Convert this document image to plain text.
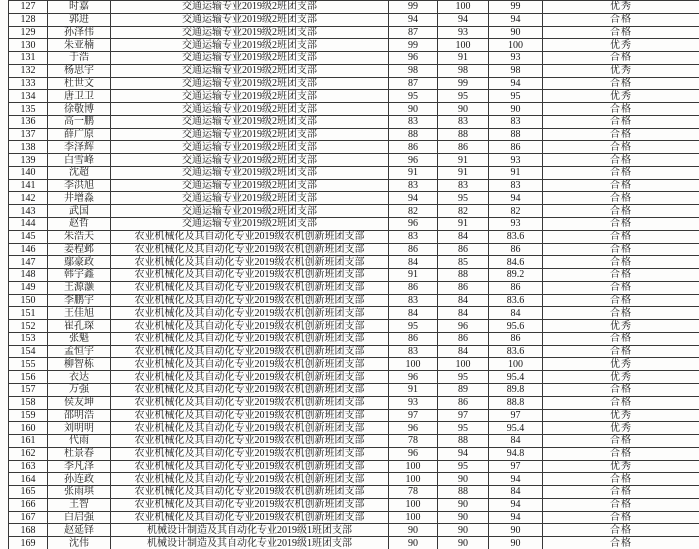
127	时嘉	交通运输专业2019级2班团支部	99	100	99	优秀
128	郭进	交通运输专业2019级2班团支部	94	94	94	合格
129	孙泽伟	交通运输专业2019级2班团支部	87	93	90	合格
130	朱亚楠	交通运输专业2019级2班团支部	99	100	100	优秀
131	于浩	交通运输专业2019级2班团支部	96	91	93	合格
132	杨思宇	交通运输专业2019级2班团支部	98	98	98	优秀
133	杜世文	交通运输专业2019级2班团支部	87	99	94	合格
134	唐卫卫	交通运输专业2019级2班团支部	95	95	95	优秀
135	徐敬博	交通运输专业2019级2班团支部	90	90	90	合格
136	高一鹏	交通运输专业2019级2班团支部	83	83	83	合格
137	薛广原	交通运输专业2019级2班团支部	88	88	88	合格
138	李泽辉	交通运输专业2019级2班团支部	86	86	86	合格
139	白雪峰	交通运输专业2019级2班团支部	96	91	93	合格
140	沈超	交通运输专业2019级2班团支部	91	91	91	合格
141	李洪旭	交通运输专业2019级2班团支部	83	83	83	合格
142	井增淼	交通运输专业2019级2班团支部	94	95	94	合格
143	武国	交通运输专业2019级2班团支部	82	82	82	合格
144	赵哲	交通运输专业2019级2班团支部	96	91	93	合格
145	朱浩天	农业机械化及其自动化专业2019级农机创新班团支部	83	84	83.6	合格
146	姜程邺	农业机械化及其自动化专业2019级农机创新班团支部	86	86	86	合格
147	鄢豪政	农业机械化及其自动化专业2019级农机创新班团支部	84	85	84.6	合格
148	韩宇鑫	农业机械化及其自动化专业2019级农机创新班团支部	91	88	89.2	合格
149	王源灏	农业机械化及其自动化专业2019级农机创新班团支部	86	86	86	合格
150	李鹏宇	农业机械化及其自动化专业2019级农机创新班团支部	83	84	83.6	合格
151	王佳旭	农业机械化及其自动化专业2019级农机创新班团支部	84	84	84	合格
152	崔孔琛	农业机械化及其自动化专业2019级农机创新班团支部	95	96	95.6	优秀
153	张魁	农业机械化及其自动化专业2019级农机创新班团支部	86	86	86	合格
154	孟恒宇	农业机械化及其自动化专业2019级农机创新班团支部	83	84	83.6	合格
155	柳智栋	农业机械化及其自动化专业2019级农机创新班团支部	100	100	100	优秀
156	衣达	农业机械化及其自动化专业2019级农机创新班团支部	96	95	95.4	优秀
157	万强	农业机械化及其自动化专业2019级农机创新班团支部	91	89	89.8	合格
158	侯友坤	农业机械化及其自动化专业2019级农机创新班团支部	93	86	88.8	合格
159	邵明浩	农业机械化及其自动化专业2019级农机创新班团支部	97	97	97	优秀
160	刘明明	农业机械化及其自动化专业2019级农机创新班团支部	96	95	95.4	优秀
161	代雨	农业机械化及其自动化专业2019级农机创新班团支部	78	88	84	合格
162	杜景春	农业机械化及其自动化专业2019级农机创新班团支部	96	94	94.8	合格
163	李凡泽	农业机械化及其自动化专业2019级农机创新班团支部	100	95	97	优秀
164	孙连政	农业机械化及其自动化专业2019级农机创新班团支部	100	90	94	合格
165	张雨琪	农业机械化及其自动化专业2019级农机创新班团支部	78	88	84	合格
166	王智	农业机械化及其自动化专业2019级农机创新班团支部	100	90	94	合格
167	白启强	农业机械化及其自动化专业2019级农机创新班团支部	100	90	94	合格
168	赵延铎	机械设计制造及其自动化专业2019级1班团支部	90	90	90	合格
169	沈伟	机械设计制造及其自动化专业2019级1班团支部	90	90	90	合格
